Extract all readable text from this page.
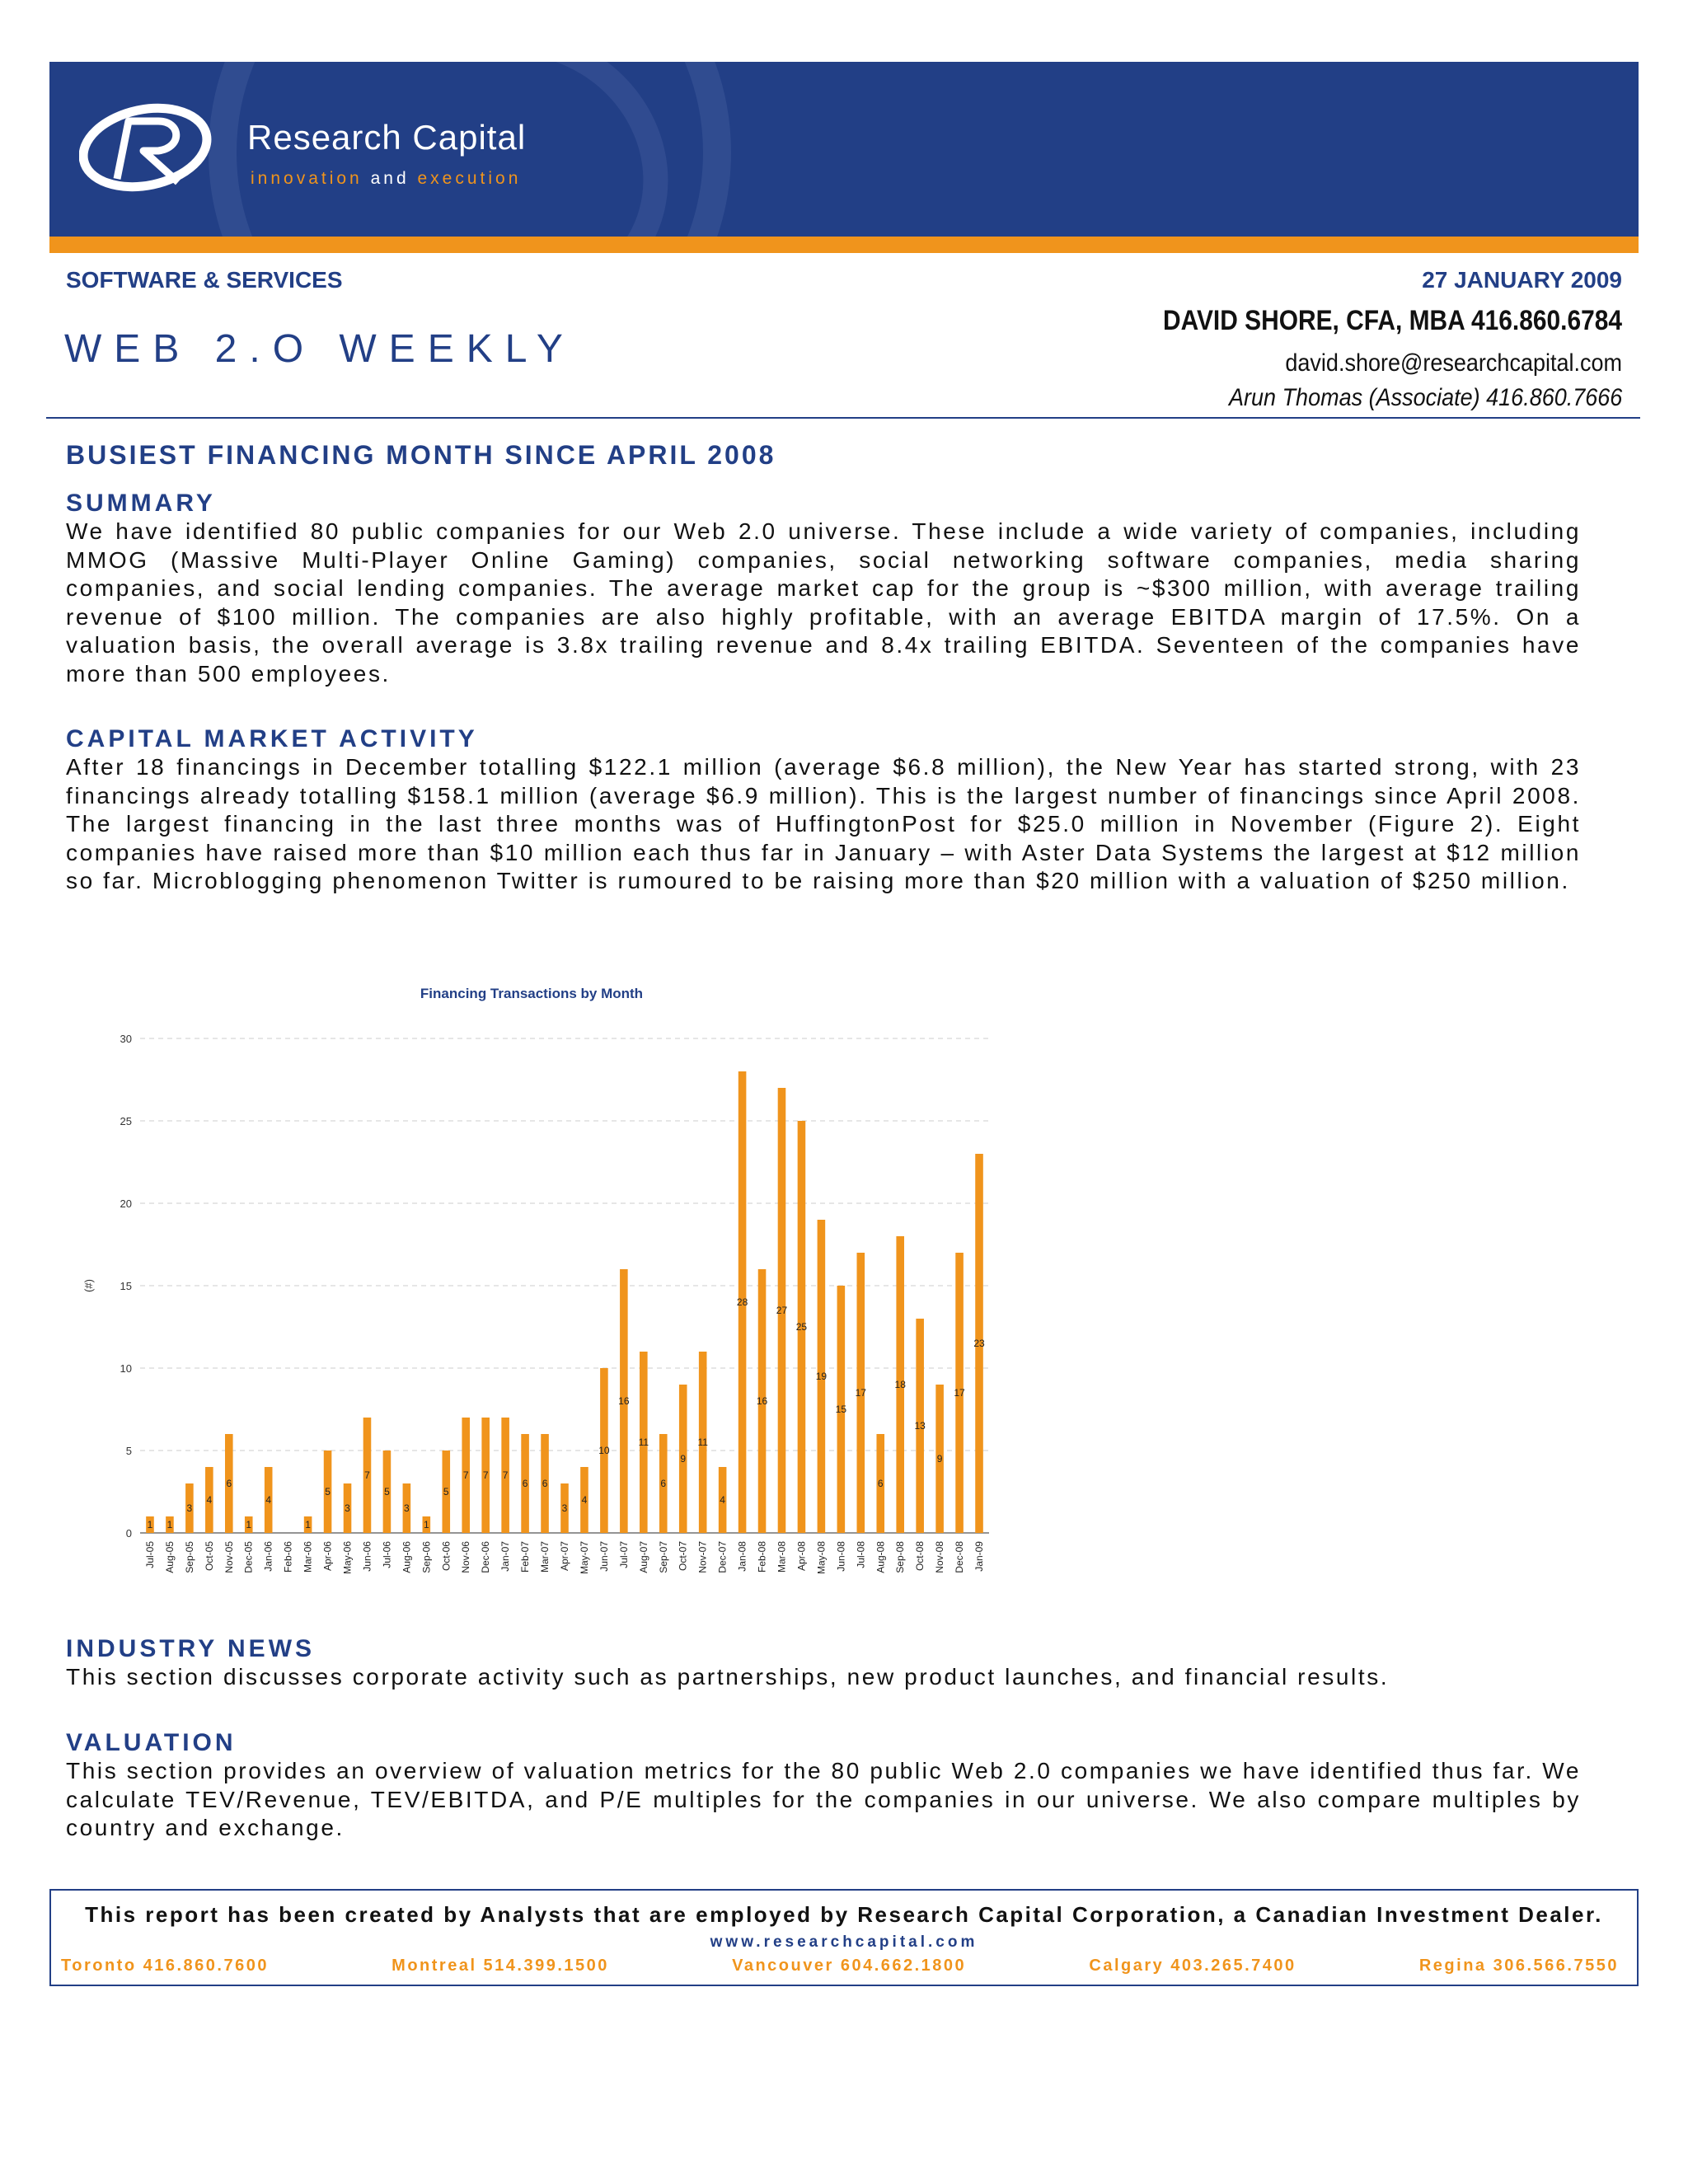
Research Capital
innovation and execution
SOFTWARE & SERVICES	27 JANUARY 2009
WEB 2.O WEEKLY
DAVID SHORE, CFA, MBA 416.860.6784
david.shore@researchcapital.com
Arun Thomas (Associate) 416.860.7666
BUSIEST FINANCING MONTH SINCE APRIL 2008
SUMMARY
We have identified 80 public companies for our Web 2.0 universe. These include a wide variety of companies, including MMOG (Massive Multi-Player Online Gaming) companies, social networking software companies, media sharing companies, and social lending companies. The average market cap for the group is ~$300 million, with average trailing revenue of $100 million. The companies are also highly profitable, with an average EBITDA margin of 17.5%. On a valuation basis, the overall average is 3.8x trailing revenue and 8.4x trailing EBITDA. Seventeen of the companies have more than 500 employees.
CAPITAL MARKET ACTIVITY
After 18 financings in December totalling $122.1 million (average $6.8 million), the New Year has started strong, with 23 financings already totalling $158.1 million (average $6.9 million). This is the largest number of financings since April 2008. The largest financing in the last three months was of HuffingtonPost for $25.0 million in November (Figure 2). Eight companies have raised more than $10 million each thus far in January – with Aster Data Systems the largest at $12 million so far. Microblogging phenomenon Twitter is rumoured to be raising more than $20 million with a valuation of $250 million.
Financing Transactions by Month
0
5
10
15
20
25
30
(#)
1
Jul-05
1
Aug-05
3
Sep-05
4
Oct-05
6
Nov-05
1
Dec-05
4
Jan-06 Feb-06
1
Mar-06
5
Apr-06
3
May-06
7
Jun-06
5
Jul-06
3
Aug-06
1
Sep-06
5
Oct-06
7
Nov-06
7
Dec-06
7
Jan-07
6
Feb-07
6
Mar-07
3
Apr-07
4
May-07
10
Jun-07
16
Jul-07
11
Aug-07
6
Sep-07
9
Oct-07
11
Nov-07
4
Dec-07
28
Jan-08
16
Feb-08
27
Mar-08
25
Apr-08
19
May-08
15
Jun-08
17
Jul-08
6
Aug-08
18
Sep-08
13
Oct-08
9
Nov-08
17
Dec-08
23
Jan-09
INDUSTRY NEWS
This section discusses corporate activity such as partnerships, new product launches, and financial results.
VALUATION
This section provides an overview of valuation metrics for the 80 public Web 2.0 companies we have identified thus far. We calculate TEV/Revenue, TEV/EBITDA, and P/E multiples for the companies in our universe. We also compare multiples by country and exchange.
This report has been created by Analysts that are employed by Research Capital Corporation, a Canadian Investment Dealer.
www.researchcapital.com
Toronto 416.860.7600	Montreal 514.399.1500	Vancouver 604.662.1800	Calgary 403.265.7400	Regina 306.566.7550
